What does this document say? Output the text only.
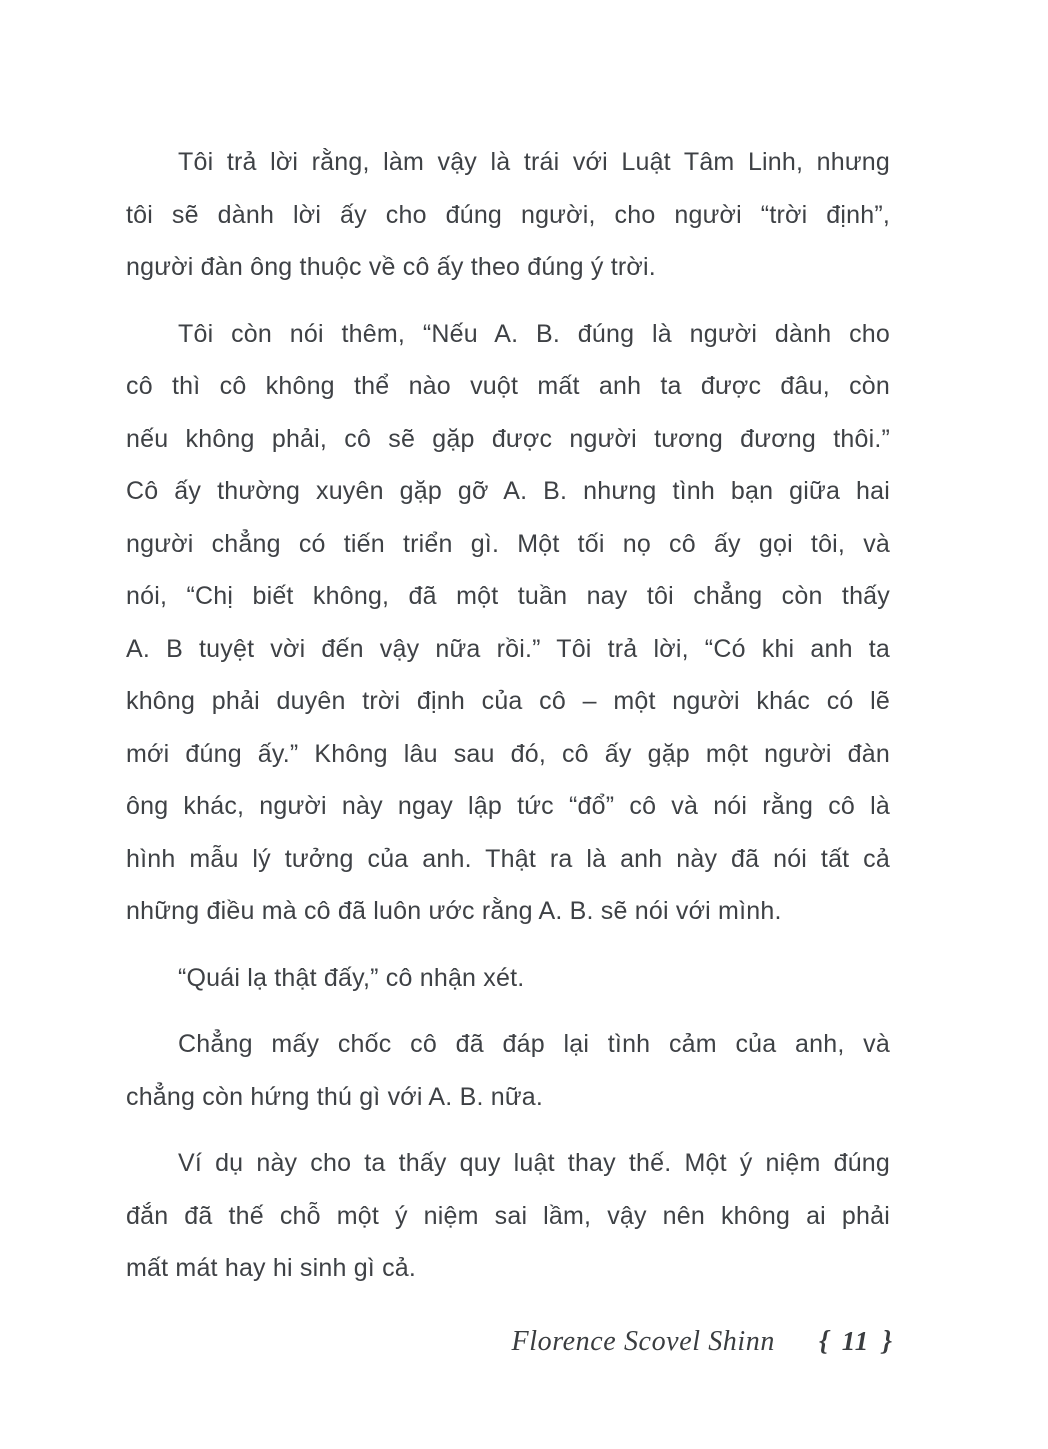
Tôi trả lời rằng, làm vậy là trái với Luật Tâm Linh, nhưng
tôi sẽ dành lời ấy cho đúng người, cho người “trời định”,
người đàn ông thuộc về cô ấy theo đúng ý trời.
Tôi còn nói thêm, “Nếu A. B. đúng là người dành cho
cô thì cô không thể nào vuột mất anh ta được đâu, còn
nếu không phải, cô sẽ gặp được người tương đương thôi.”
Cô ấy thường xuyên gặp gỡ A. B. nhưng tình bạn giữa hai
người chẳng có tiến triển gì. Một tối nọ cô ấy gọi tôi, và
nói, “Chị biết không, đã một tuần nay tôi chẳng còn thấy
A. B tuyệt vời đến vậy nữa rồi.” Tôi trả lời, “Có khi anh ta
không phải duyên trời định của cô – một người khác có lẽ
mới đúng ấy.” Không lâu sau đó, cô ấy gặp một người đàn
ông khác, người này ngay lập tức “đổ” cô và nói rằng cô là
hình mẫu lý tưởng của anh. Thật ra là anh này đã nói tất cả
những điều mà cô đã luôn ước rằng A. B. sẽ nói với mình.
“Quái lạ thật đấy,” cô nhận xét.
Chẳng mấy chốc cô đã đáp lại tình cảm của anh, và
chẳng còn hứng thú gì với A. B. nữa.
Ví dụ này cho ta thấy quy luật thay thế. Một ý niệm đúng
đắn đã thế chỗ một ý niệm sai lầm, vậy nên không ai phải
mất mát hay hi sinh gì cả.
Florence Scovel Shinn { 11 }
